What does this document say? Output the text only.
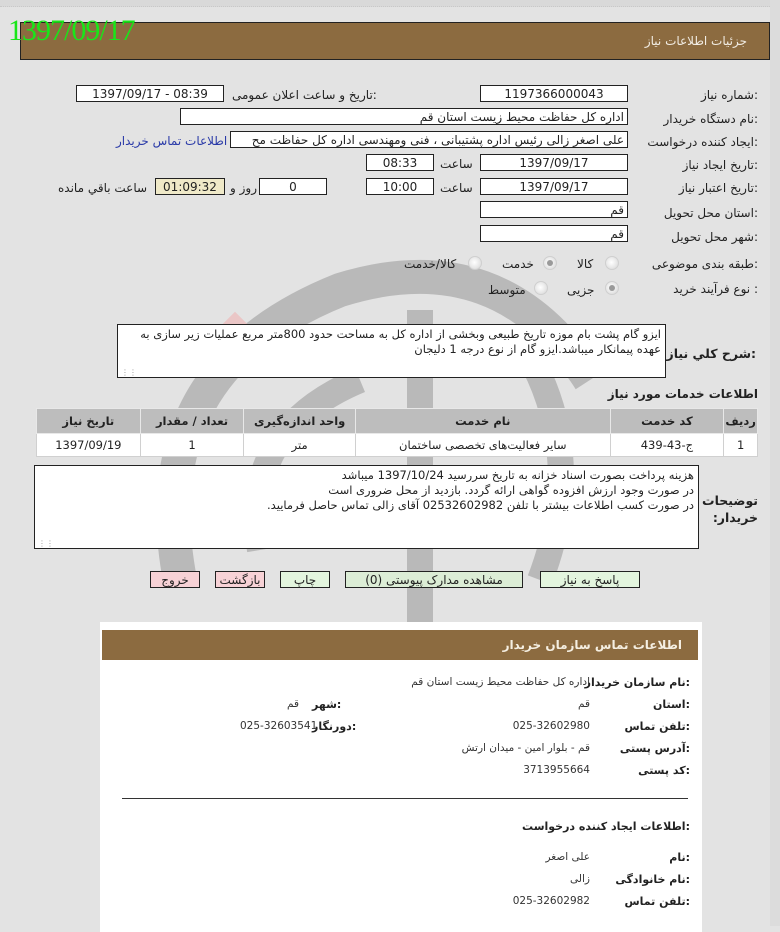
1397/09/17	جزئیات اطلاعات نیاز
شماره نیاز:
1197366000043
تاریخ و ساعت اعلان عمومی:
1397/09/17 - 08:39
نام دستگاه خریدار:
اداره کل حفاظت محیط زیست استان قم
ایجاد کننده درخواست:
علی اصغر زالی رئیس اداره پشتیبانی ، فنی ومهندسی اداره کل حفاظت مح
اطلاعات تماس خریدار
تاریخ ایجاد نیاز:
1397/09/17
ساعت
08:33
تاریخ اعتبار نیاز:
1397/09/17
ساعت
10:00
0
روز و
01:09:32
ساعت باقي مانده
استان محل تحویل:
قم
شهر محل تحویل:
قم
طبقه بندی موضوعی:
کالا
خدمت
کالا/خدمت
نوع فرآیند خرید :
جزیی
متوسط
شرح کلي نیاز:
ایزو گام پشت بام موزه تاریخ طبیعی وبخشی از اداره کل به مساحت حدود 800متر مربع عملیات زیر سازی به عهده پیمانکار میباشد.ایزو گام از نوع درجه 1 دلیجان
⋮⋮
اطلاعات خدمات مورد نیاز
ردیف	کد خدمت	نام خدمت	واحد اندازه‌گیری	تعداد / مقدار	تاریخ نیاز
1	ج-43-439	سایر فعالیت‌های تخصصی ساختمان	متر	1	1397/09/19
توضیحات خریدار:
هزینه پرداخت بصورت اسناد خزانه به تاریخ سررسید 1397/10/24 میباشد
در صورت وجود ارزش افزوده گواهی ارائه گردد. بازدید از محل ضروری است
در صورت کسب اطلاعات بیشتر با تلفن 02532602982 آقای زالی تماس حاصل فرمایید.
⋮⋮
پاسخ به نیاز
مشاهده مدارک پیوستی (0)
چاپ
بازگشت
خروج
اطلاعات تماس سازمان خریدار
نام سازمان خریدار:
اداره کل حفاظت محیط زیست استان قم
استان:
قم
شهر:
قم
تلفن تماس:
025-32602980
دورنگار:
025-32603541
آدرس پستی:
قم - بلوار امین - میدان ارتش
کد پستی:
3713955664
اطلاعات ایجاد کننده درخواست:
نام:
علی اصغر
نام خانوادگی:
زالی
تلفن تماس:
025-32602982
